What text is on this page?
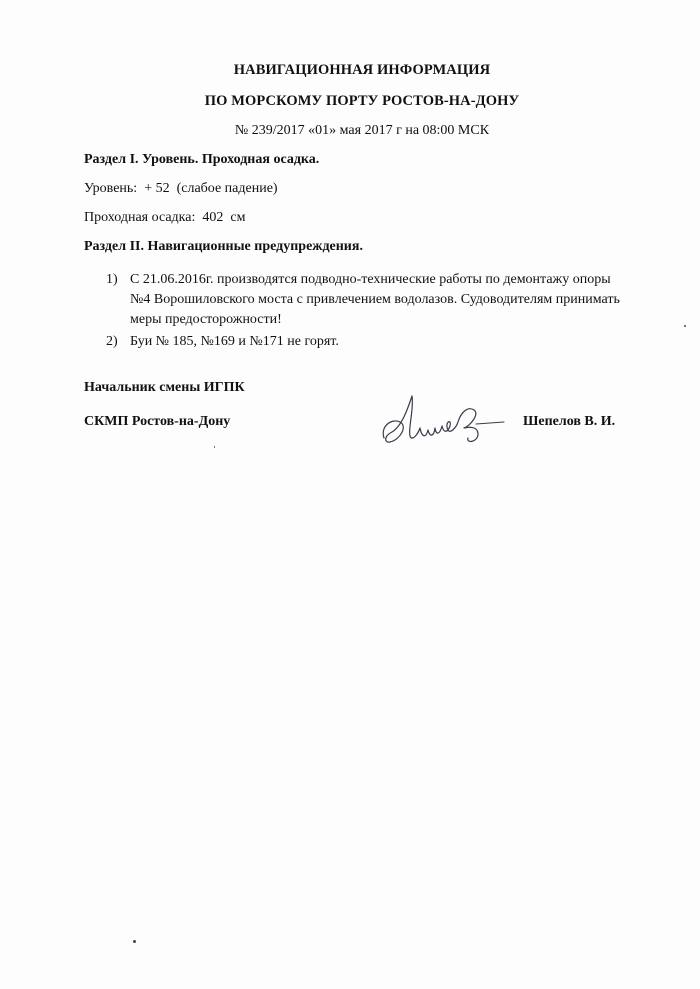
НАВИГАЦИОННАЯ ИНФОРМАЦИЯ
ПО МОРСКОМУ ПОРТУ РОСТОВ-НА-ДОНУ
№ 239/2017 «01» мая 2017 г на 08:00 МСК
Раздел I. Уровень. Проходная осадка.
Уровень:  + 52  (слабое падение)
Проходная осадка:  402  см
Раздел II. Навигационные предупреждения.
1) С 21.06.2016г. производятся подводно-технические работы по демонтажу опоры
№4 Ворошиловского моста с привлечением водолазов. Судоводителям принимать
меры предосторожности!
2) Буи № 185, №169 и №171 не горят.
Начальник смены ИГПК
СКМП Ростов-на-Дону	Шепелов В. И.
